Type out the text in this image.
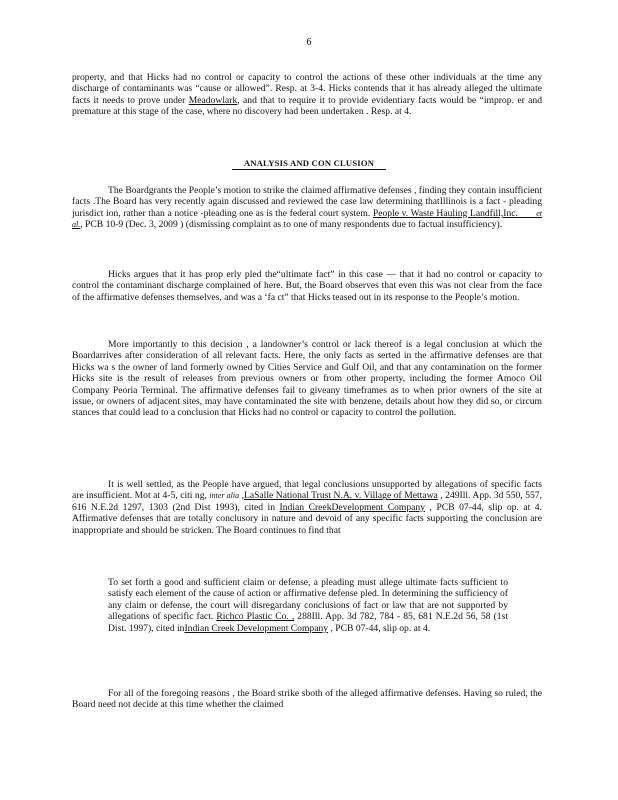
6

property, and that Hicks had no control or capacity to control the actions of these other individuals at the time any discharge of contaminants was “cause or allowed”. Resp. at 3-4. Hicks contends that it has already alleged the ultimate facts it needs to prove under Meadowlark, and that to require it to provide evidentiary facts would be “improp. er and premature at this stage of the case, where no discovery had been undertaken . Resp. at 4.

ANALYSIS AND CON CLUSION

The Boardgrants the People’s motion to strike the claimed affirmative defenses , finding they contain insufficient facts .The Board has very recently again discussed and reviewed the case law determining thatIllinois is a fact - pleading jurisdict ion, rather than a notice -pleading one as is the federal court system. People v. Waste Hauling Landfill,Inc. et al., PCB 10-9 (Dec. 3, 2009 ) (dismissing complaint as to one of many respondents due to factual insufficiency).

Hicks argues that it has prop erly pled the“ultimate fact” in this case — that it had no control or capacity to control the contaminant discharge complained of here. But, the Board observes that even this was not clear from the face of the affirmative defenses themselves, and was a ‘fa ct” that Hicks teased out in its response to the People’s motion.

More importantly to this decision , a landowner’s control or lack thereof is a legal conclusion at which the Boardarrives after consideration of all relevant facts. Here, the only facts as serted in the affirmative defenses are that Hicks wa s the owner of land formerly owned by Cities Service and Gulf Oil, and that any contamination on the former Hicks site is the result of releases from previous owners or from other property, including the former Amoco Oil Company Peoria Terminal. The affirmative defenses fail to giveany timeframes as to when prior owners of the site at issue, or owners of adjacent sites, may have contaminated the site with benzene, details about how they did so, or circum stances that could lead to a conclusion that Hicks had no control or capacity to control the pollution.

It is well settled, as the People have argued, that legal conclusions unsupported by allegations of specific facts are insufficient. Mot at 4-5, citi ng, inter alia ,LaSalle National Trust N.A. v. Village of Mettawa , 249Ill. App. 3d 550, 557, 616 N.E.2d 1297, 1303 (2nd Dist 1993), cited in Indian CreekDevelopment Company , PCB 07-44, slip op. at 4. Affirmative defenses that are totally conclusory in nature and devoid of any specific facts supporting the conclusion are inappropriate and should be stricken. The Board continues to find that

To set forth a good and sufficient claim or defense, a pleading must allege ultimate facts sufficient to satisfy each element of the cause of action or affirmative defense pled. In determining the sufficiency of any claim or defense, the court will disregardany conclusions of fact or law that are not supported by allegations of specific fact. Richco Plastic Co. , 288Ill. App. 3d 782, 784 - 85, 681 N.E.2d 56, 58 (1st Dist. 1997), cited inIndian Creek Development Company , PCB 07-44, slip op. at 4.

For all of the foregoing reasons , the Board strike sboth of the alleged affirmative defenses. Having so ruled, the Board need not decide at this time whether the claimed
